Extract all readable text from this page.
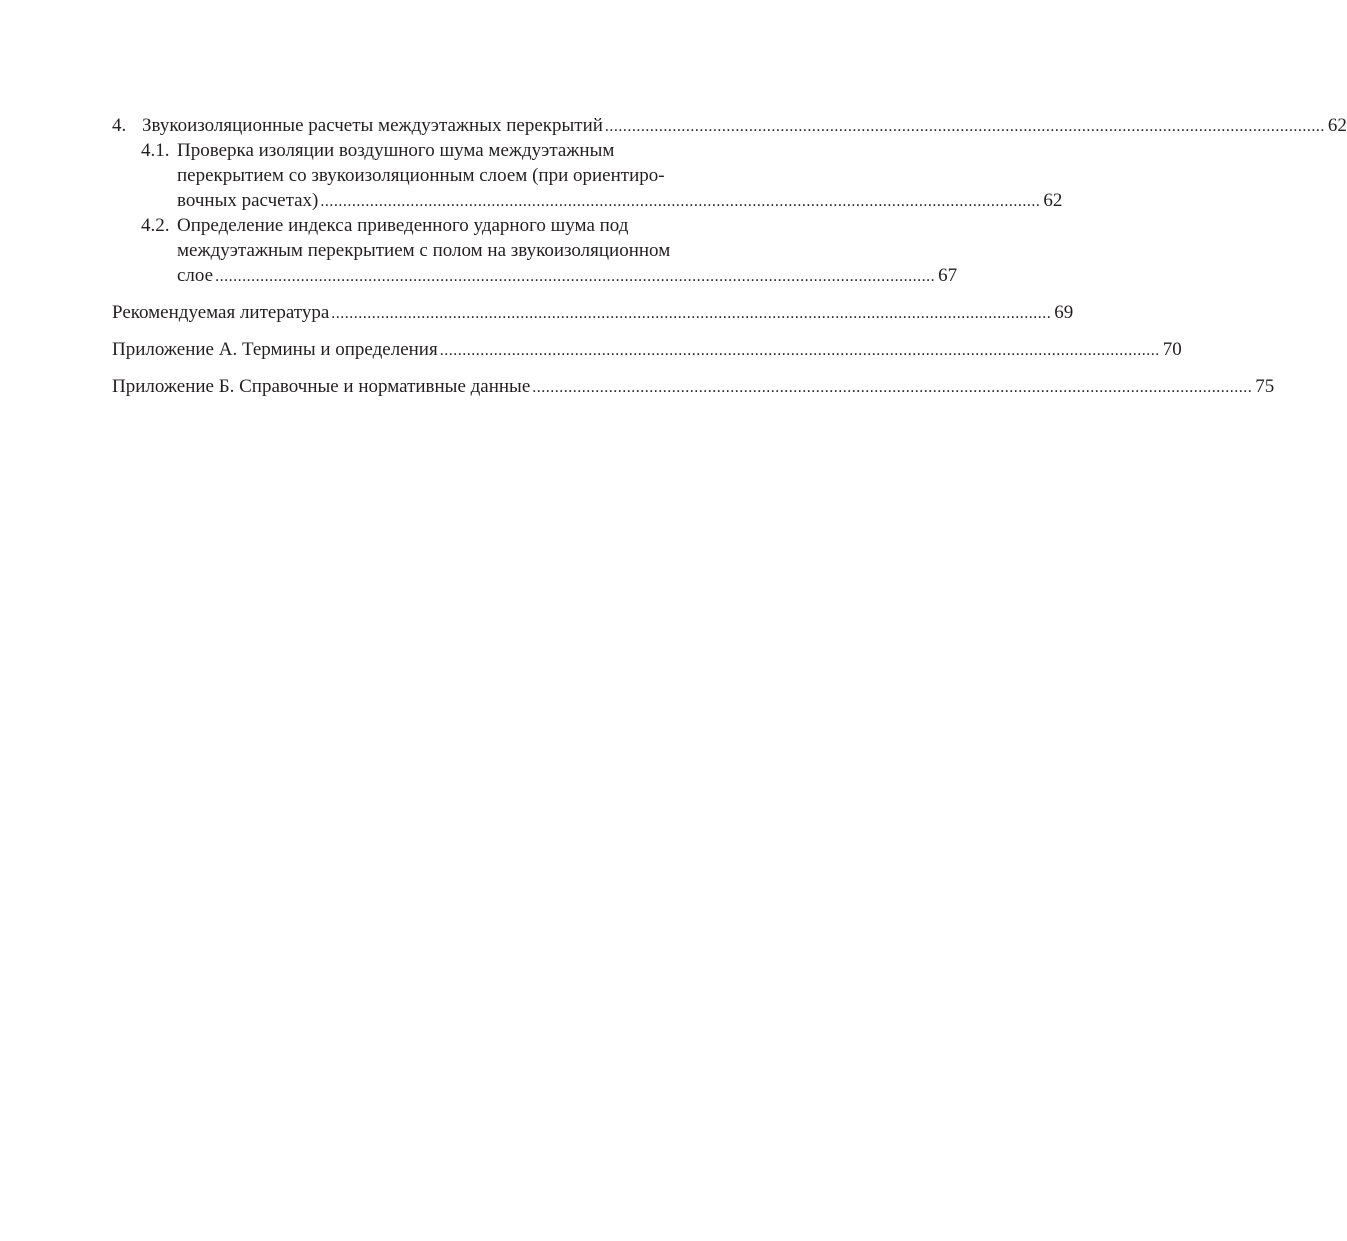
4. Звукоизоляционные расчеты междуэтажных перекрытий ................................................................................................................................................................ 62
4.1. Проверка изоляции воздушного шума междуэтажным
перекрытием со звукоизоляционным слоем (при ориентиро-
вочных расчетах) ................................................................................................................................................................ 62
4.2. Определение индекса приведенного ударного шума под
междуэтажным перекрытием с полом на звукоизоляционном
слое ................................................................................................................................................................ 67
Рекомендуемая литература ................................................................................................................................................................ 69
Приложение А. Термины и определения ................................................................................................................................................................ 70
Приложение Б. Справочные и нормативные данные ................................................................................................................................................................ 75
